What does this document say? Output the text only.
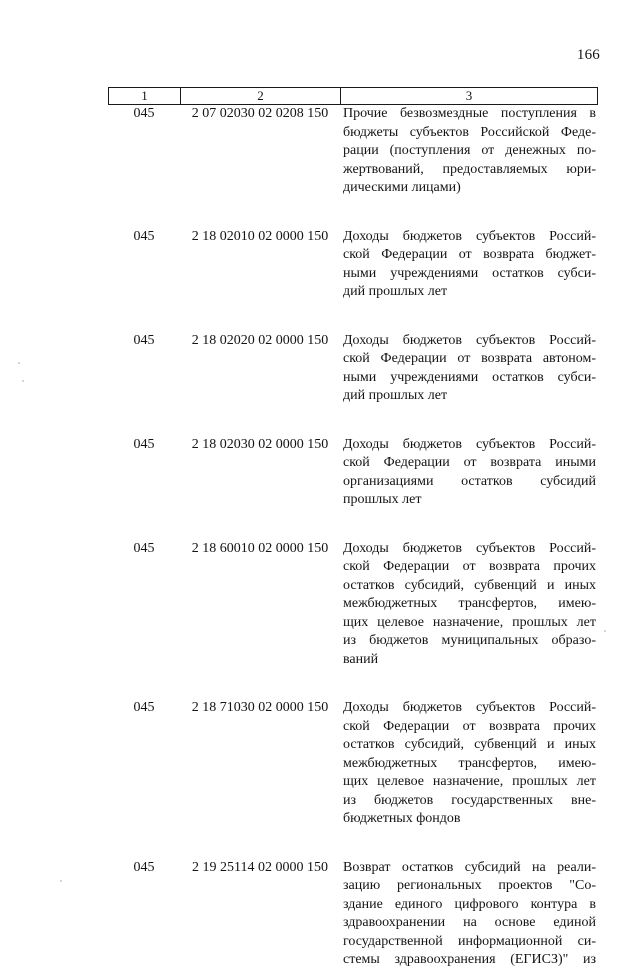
166
1	2	3
045	2 07 02030 02 0208 150	Прочие безвозмездные поступления в
бюджеты субъектов Российской Феде-
рации (поступления от денежных по-
жертвований, предоставляемых юри-
дическими лицами)
045	2 18 02010 02 0000 150	Доходы бюджетов субъектов Россий-
ской Федерации от возврата бюджет-
ными учреждениями остатков субси-
дий прошлых лет
045	2 18 02020 02 0000 150	Доходы бюджетов субъектов Россий-
ской Федерации от возврата автоном-
ными учреждениями остатков субси-
дий прошлых лет
045	2 18 02030 02 0000 150	Доходы бюджетов субъектов Россий-
ской Федерации от возврата иными
организациями остатков субсидий
прошлых лет
045	2 18 60010 02 0000 150	Доходы бюджетов субъектов Россий-
ской Федерации от возврата прочих
остатков субсидий, субвенций и иных
межбюджетных трансфертов, имею-
щих целевое назначение, прошлых лет
из бюджетов муниципальных образо-
ваний
045	2 18 71030 02 0000 150	Доходы бюджетов субъектов Россий-
ской Федерации от возврата прочих
остатков субсидий, субвенций и иных
межбюджетных трансфертов, имею-
щих целевое назначение, прошлых лет
из бюджетов государственных вне-
бюджетных фондов
045	2 19 25114 02 0000 150	Возврат остатков субсидий на реали-
зацию региональных проектов "Со-
здание единого цифрового контура в
здравоохранении на основе единой
государственной информационной си-
стемы здравоохранения (ЕГИСЗ)" из
